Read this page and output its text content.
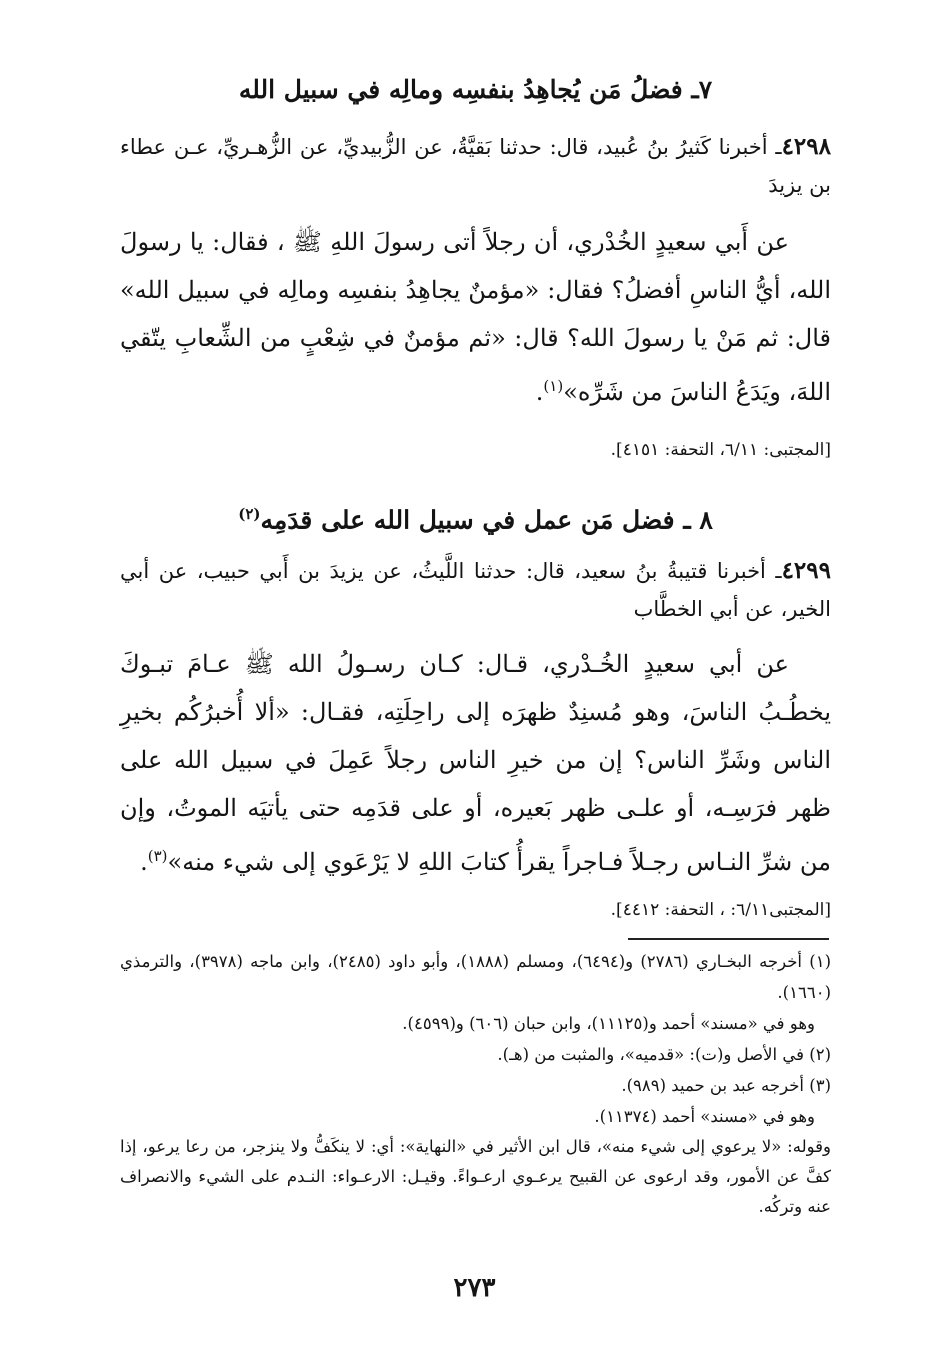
٧ـ فضلُ مَن يُجاهِدُ بنفسِه ومالِه في سبيل الله
٤٢٩٨ـ أخبرنا كَثيرُ بنُ عُبيد، قال: حدثنا بَقيَّةُ، عن الزُّبيديِّ، عن الزُّهـريِّ، عـن عطاء بن يزيدَ
عن أَبي سعيدٍ الخُدْري، أن رجلاً أتى رسولَ اللهِ ﷺ ، فقال: يا رسولَ الله، أيُّ الناسِ أفضلُ؟ فقال: «مؤمنٌ يجاهِدُ بنفسِه ومالِه في سبيل الله» قال: ثم مَنْ يا رسولَ الله؟ قال: «ثم مؤمنٌ في شِعْبٍ من الشِّعابِ يتّقي اللهَ، ويَدَعُ الناسَ من شَرِّه»$^{(١)}$.
[المجتبى: ٦/١١، التحفة: ٤١٥١].
٨ ـ فضل مَن عمل في سبيل الله على قدَمِه$^{(٢)}$
٤٢٩٩ـ أخبرنا قتيبةُ بنُ سعيد، قال: حدثنا اللَّيثُ، عن يزيدَ بن أَبي حبيب، عن أبي الخير، عن أبي الخطَّاب
عن أبي سعيدٍ الخُـدْري، قـال: كـان رسـولُ الله ﷺ عـامَ تبـوكَ يخطُـبُ الناسَ، وهو مُسنِدٌ ظهرَه إلى راحِلَتِه، فقـال: «ألا أُخبرُكُم بخيرِ الناس وشَرِّ الناس؟ إن من خيرِ الناس رجلاً عَمِلَ في سبيل الله على ظهر فرَسِـه، أو علـى ظهر بَعيره، أو على قدَمِه حتى يأتيَه الموتُ، وإن من شرِّ النـاس رجـلاً فـاجراً يقرأُ كتابَ اللهِ لا يَرْعَوي إلى شيء منه»$^{(٣)}$.
[المجتبى٦/١١: ، التحفة: ٤٤١٢].

(١) أخرجه البخـاري (٢٧٨٦) و(٦٤٩٤)، ومسلم (١٨٨٨)، وأبو داود (٢٤٨٥)، وابن ماجه (٣٩٧٨)، والترمذي (١٦٦٠).

وهو في «مسند» أحمد و(١١١٢٥)، وابن حبان (٦٠٦) و(٤٥٩٩).

(٢) في الأصل و(ت): «قدميه»، والمثبت من (هـ).

(٣) أخرجه عبد بن حميد (٩٨٩).

وهو في «مسند» أحمد (١١٣٧٤).

وقوله: «لا يرعوي إلى شيء منه»، قال ابن الأثير في «النهاية»: أي: لا ينكَفُّ ولا ينزجر، من رعا يرعو، إذا كفَّ عن الأمور، وقد ارعوى عن القبيح يرعـوي ارعـواءً. وقيـل: الارعـواء: النـدم على الشيء والانصراف عنه وتركُه.

٢٧٣
